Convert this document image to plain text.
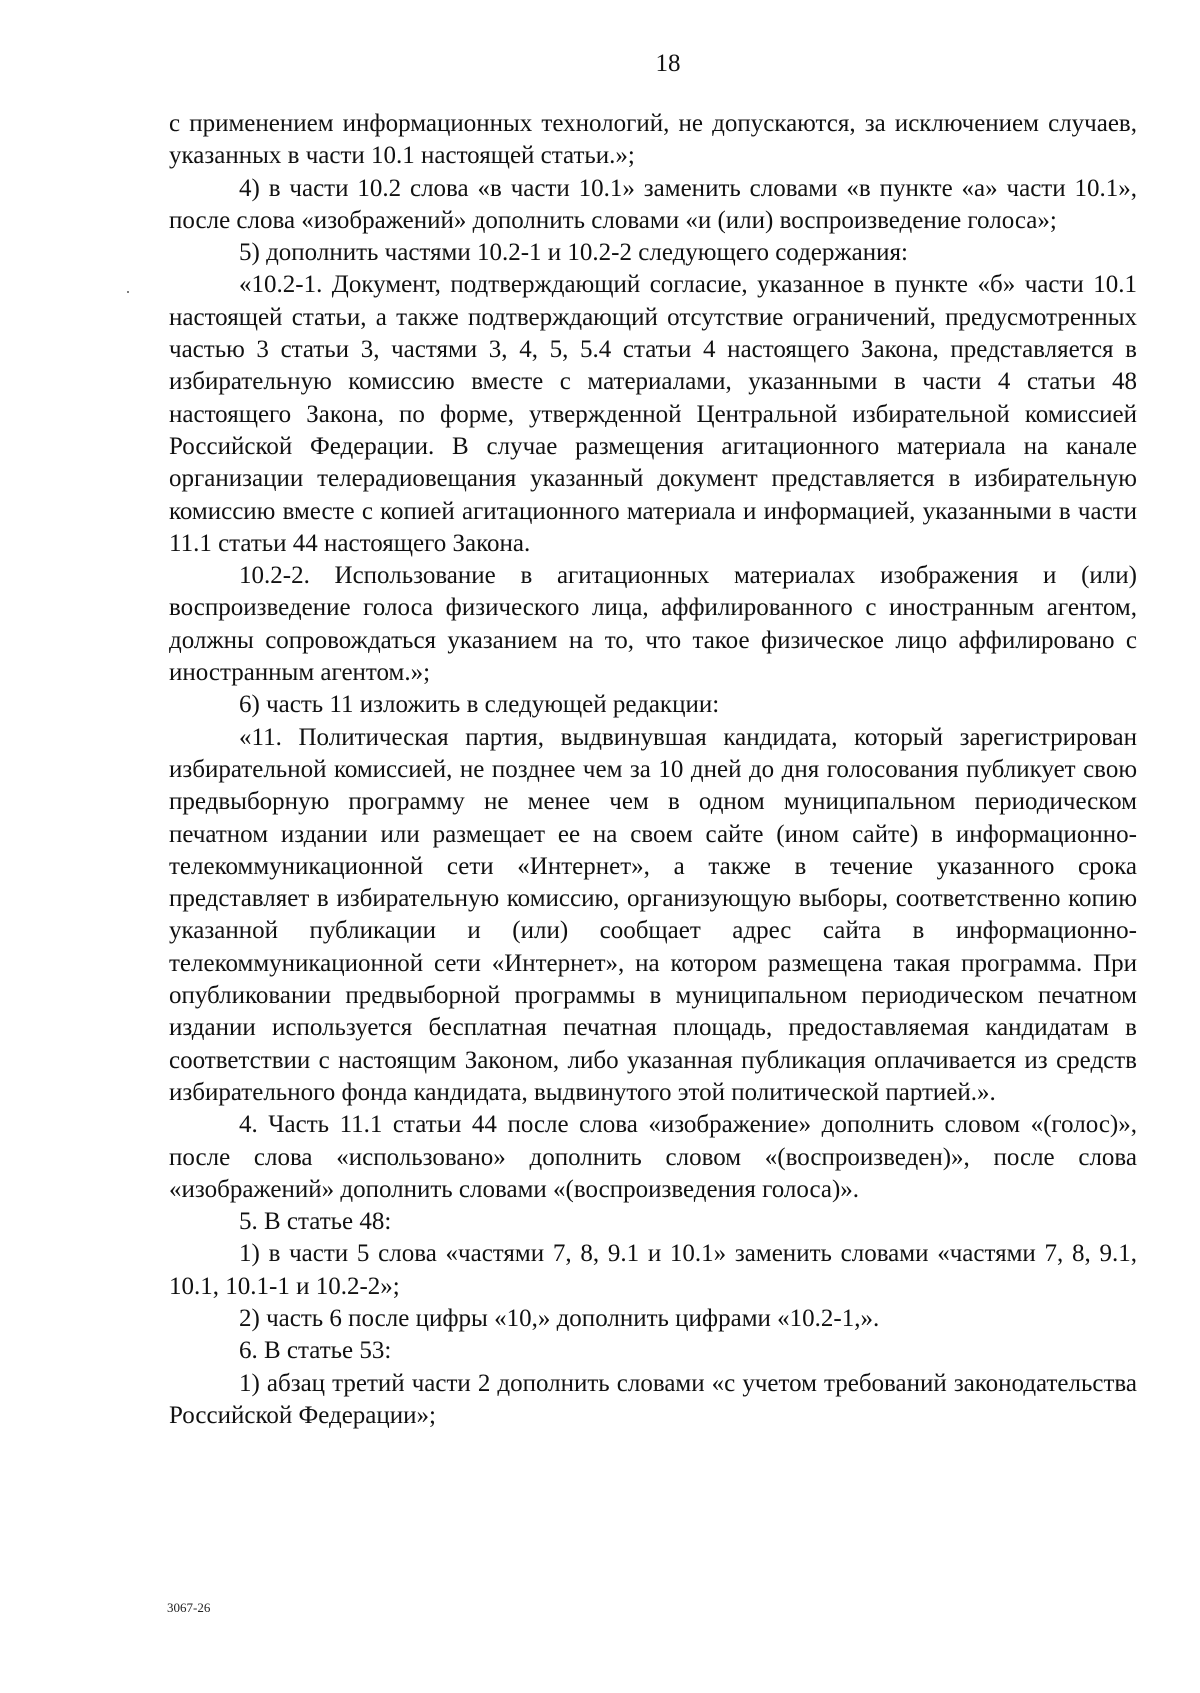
18

с применением информационных технологий, не допускаются, за исключением случаев, указанных в части 10.1 настоящей статьи.»;

4) в части 10.2 слова «в части 10.1» заменить словами «в пункте «а» части 10.1», после слова «изображений» дополнить словами «и (или) воспроизведение голоса»;

5) дополнить частями 10.2-1 и 10.2-2 следующего содержания:

«10.2-1. Документ, подтверждающий согласие, указанное в пункте «б» части 10.1 настоящей статьи, а также подтверждающий отсутствие ограничений, предусмотренных частью 3 статьи 3, частями 3, 4, 5, 5.4 статьи 4 настоящего Закона, представляется в избирательную комиссию вместе с материалами, указанными в части 4 статьи 48 настоящего Закона, по форме, утвержденной Центральной избирательной комиссией Российской Федерации. В случае размещения агитационного материала на канале организации телерадиовещания указанный документ представляется в избирательную комиссию вместе с копией агитационного материала и информацией, указанными в части 11.1 статьи 44 настоящего Закона.

10.2-2. Использование в агитационных материалах изображения и (или) воспроизведение голоса физического лица, аффилированного с иностранным агентом, должны сопровождаться указанием на то, что такое физическое лицо аффилировано с иностранным агентом.»;

6) часть 11 изложить в следующей редакции:

«11. Политическая партия, выдвинувшая кандидата, который зарегистрирован избирательной комиссией, не позднее чем за 10 дней до дня голосования публикует свою предвыборную программу не менее чем в одном муниципальном периодическом печатном издании или размещает ее на своем сайте (ином сайте) в информационно-телекоммуникационной сети «Интернет», а также в течение указанного срока представляет в избирательную комиссию, организующую выборы, соответственно копию указанной публикации и (или) сообщает адрес сайта в информационно-телекоммуникационной сети «Интернет», на котором размещена такая программа. При опубликовании предвыборной программы в муниципальном периодическом печатном издании используется бесплатная печатная площадь, предоставляемая кандидатам в соответствии с настоящим Законом, либо указанная публикация оплачивается из средств избирательного фонда кандидата, выдвинутого этой политической партией.».

4. Часть 11.1 статьи 44 после слова «изображение» дополнить словом «(голос)», после слова «использовано» дополнить словом «(воспроизведен)», после слова «изображений» дополнить словами «(воспроизведения голоса)».

5. В статье 48:

1) в части 5 слова «частями 7, 8, 9.1 и 10.1» заменить словами «частями 7, 8, 9.1, 10.1, 10.1-1 и 10.2-2»;

2) часть 6 после цифры «10,» дополнить цифрами «10.2-1,».

6. В статье 53:

1) абзац третий части 2 дополнить словами «с учетом требований законодательства Российской Федерации»;

3067-26
